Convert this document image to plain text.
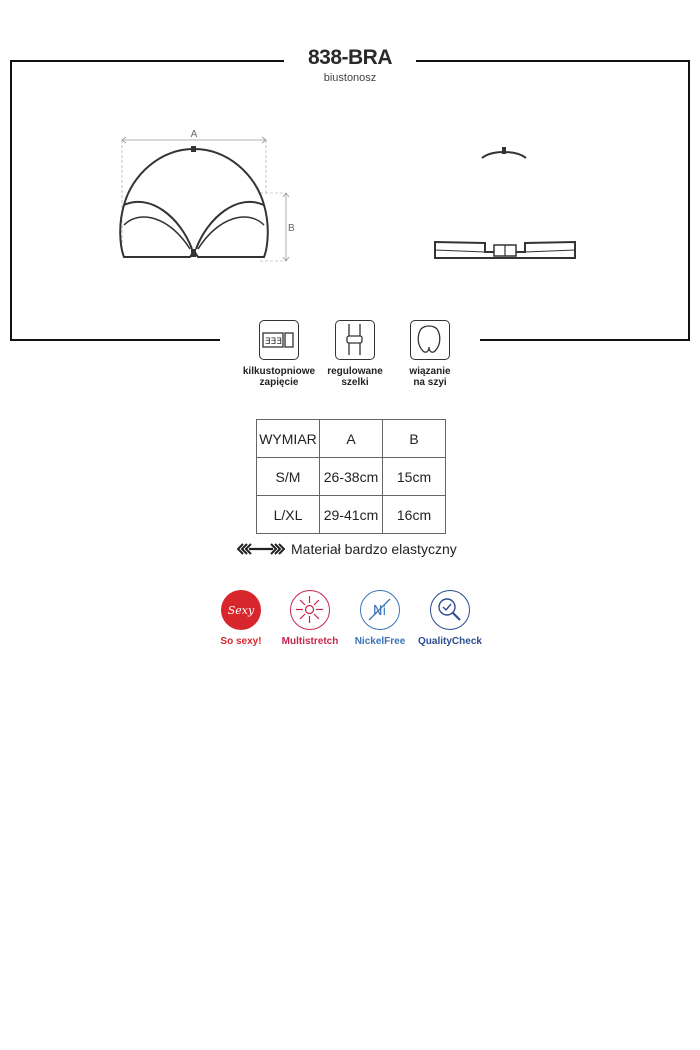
838-BRA
biustonosz
A
B
ƎƎƎ
kilkustopniowe
zapięcie
regulowane
szelki
wiązanie
na szyi
WYMIAR	A	B
S/M	26-38cm	15cm
L/XL	29-41cm	16cm
Materiał bardzo elastyczny
Sexy
So sexy!	Multistretch
Ni
NickelFree	QualityCheck
